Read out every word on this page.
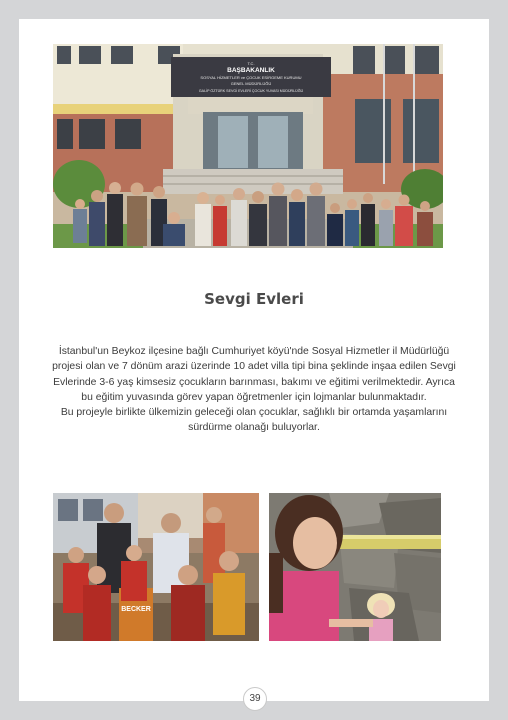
T.C.
BAŞBAKANLIK
SOSYAL HİZMETLER ve ÇOCUK ESİRGEME KURUMU
GENEL MÜDÜRLÜĞÜ
GALİP ÖZTÜRK SEVGİ EVLERİ ÇOCUK YUVASI MÜDÜRLÜĞÜ
Sevgi Evleri

İstanbul'un Beykoz ilçesine bağlı Cumhuriyet köyü'nde Sosyal Hizmetler il Müdürlüğü projesi olan ve 7 dönüm arazi üzerinde 10 adet villa tipi bina şeklinde inşaa edilen Sevgi Evlerinde 3-6 yaş kimsesiz çocukların barınması, bakımı ve eğitimi verilmektedir. Ayrıca bu eğitim yuvasında görev yapan öğretmenler için lojmanlar bulunmaktadır.

Bu projeyle birlikte ülkemizin geleceği olan çocuklar, sağlıklı bir ortamda yaşamlarını sürdürme olanağı buluyorlar.

BECKER
39
